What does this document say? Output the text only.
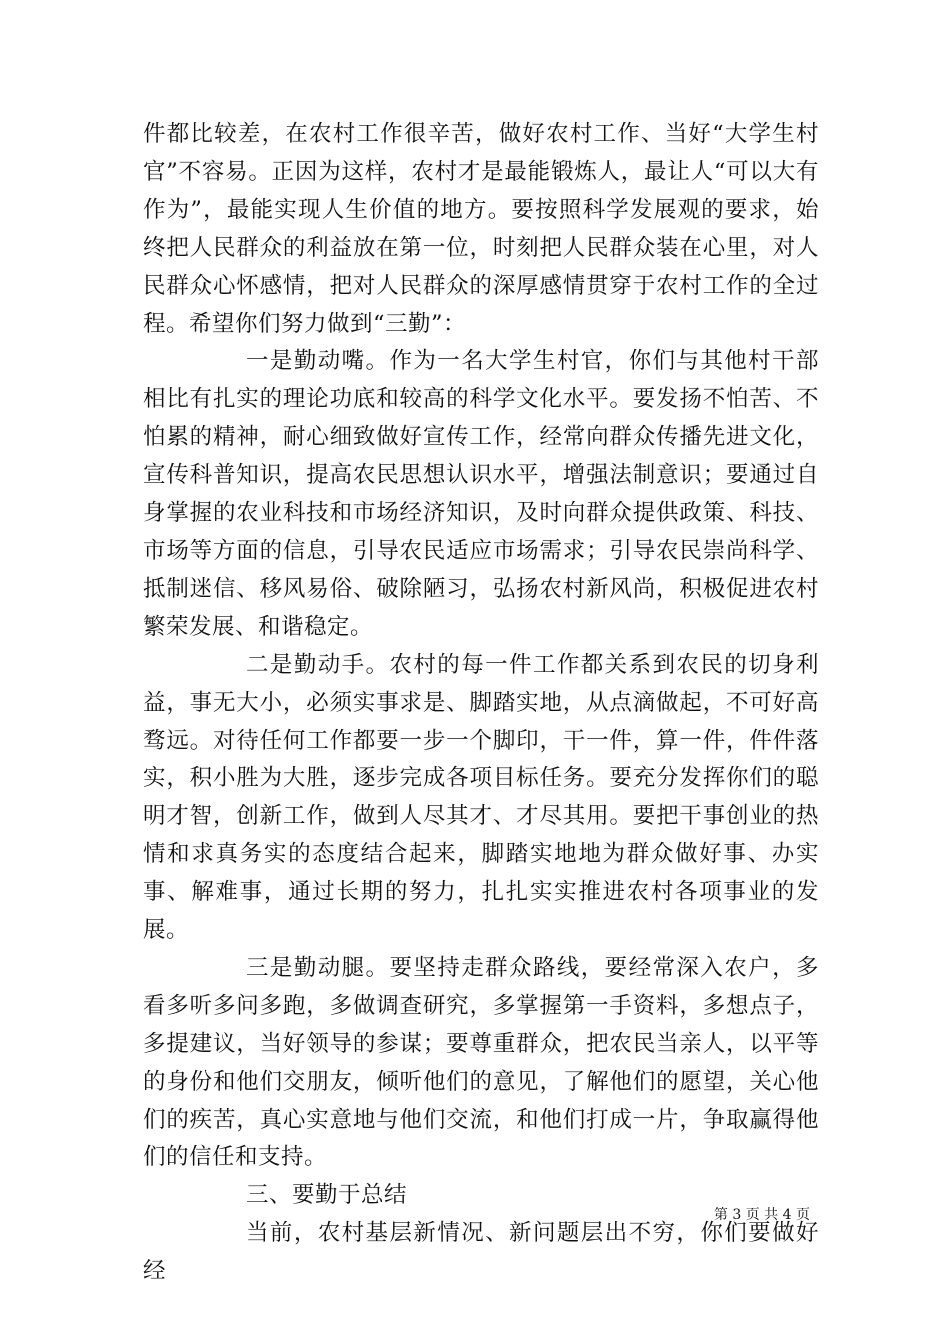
件都比较差，在农村工作很辛苦，做好农村工作、当好“大学生村官”不容易。正因为这样，农村才是最能锻炼人，最让人“可以大有作为”，最能实现人生价值的地方。要按照科学发展观的要求，始终把人民群众的利益放在第一位，时刻把人民群众装在心里，对人民群众心怀感情，把对人民群众的深厚感情贯穿于农村工作的全过程。希望你们努力做到“三勤”：

一是勤动嘴。作为一名大学生村官，你们与其他村干部相比有扎实的理论功底和较高的科学文化水平。要发扬不怕苦、不怕累的精神，耐心细致做好宣传工作，经常向群众传播先进文化，宣传科普知识，提高农民思想认识水平，增强法制意识；要通过自身掌握的农业科技和市场经济知识，及时向群众提供政策、科技、市场等方面的信息，引导农民适应市场需求；引导农民崇尚科学、抵制迷信、移风易俗、破除陋习，弘扬农村新风尚，积极促进农村繁荣发展、和谐稳定。

二是勤动手。农村的每一件工作都关系到农民的切身利益，事无大小，必须实事求是、脚踏实地，从点滴做起，不可好高骛远。对待任何工作都要一步一个脚印，干一件，算一件，件件落实，积小胜为大胜，逐步完成各项目标任务。要充分发挥你们的聪明才智，创新工作，做到人尽其才、才尽其用。要把干事创业的热情和求真务实的态度结合起来，脚踏实地地为群众做好事、办实事、解难事，通过长期的努力，扎扎实实推进农村各项事业的发展。

三是勤动腿。要坚持走群众路线，要经常深入农户，多看多听多问多跑，多做调查研究，多掌握第一手资料，多想点子，多提建议，当好领导的参谋；要尊重群众，把农民当亲人，以平等的身份和他们交朋友，倾听他们的意见，了解他们的愿望，关心他们的疾苦，真心实意地与他们交流，和他们打成一片，争取赢得他们的信任和支持。

三、要勤于总结

当前，农村基层新情况、新问题层出不穷，你们要做好经

第 3 页 共 4 页
